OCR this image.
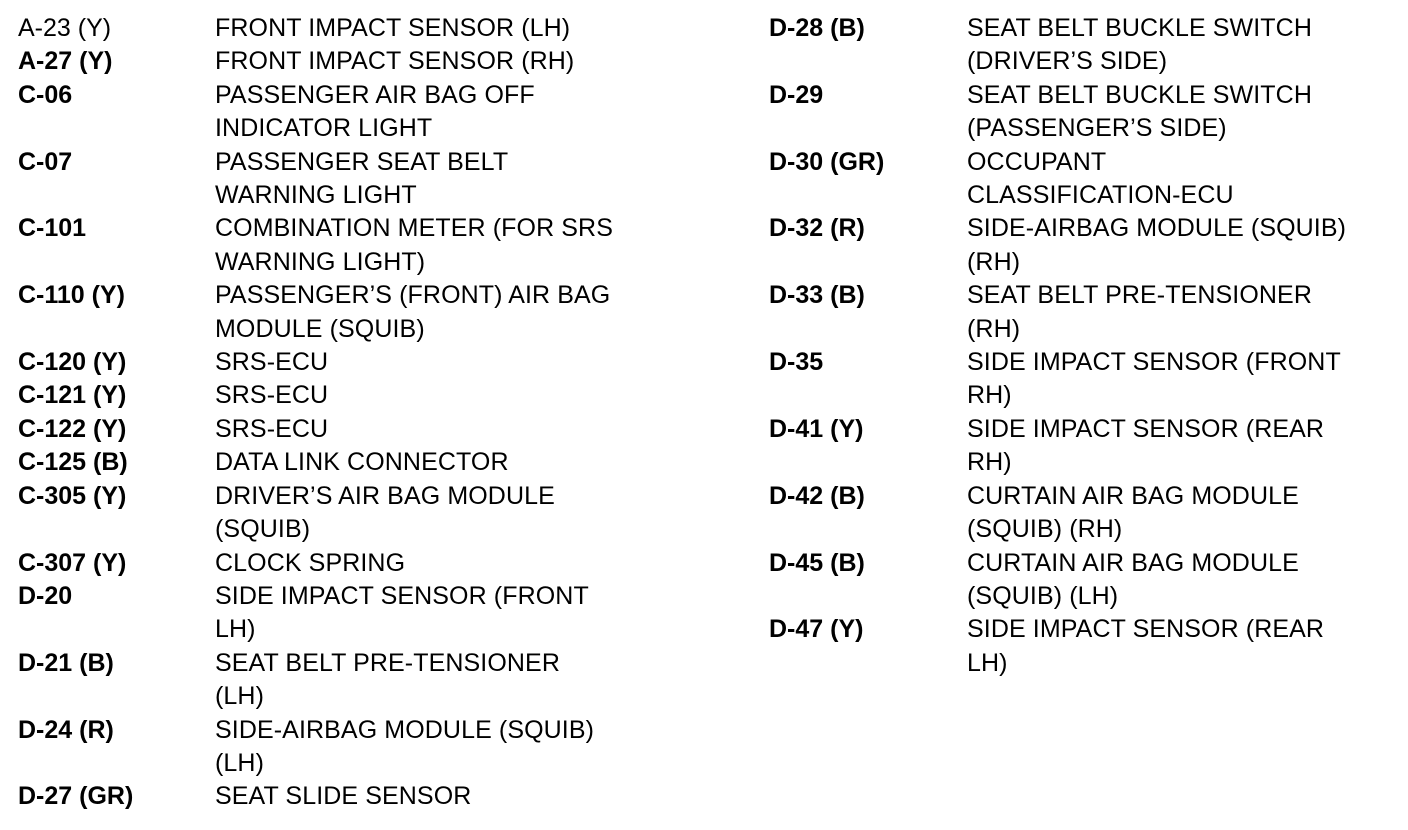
A-23 (Y)	FRONT IMPACT SENSOR (LH)
A-27 (Y)	FRONT IMPACT SENSOR (RH)
C-06	PASSENGER AIR BAG OFF
INDICATOR LIGHT
C-07	PASSENGER SEAT BELT
WARNING LIGHT
C-101	COMBINATION METER (FOR SRS
WARNING LIGHT)
C-110 (Y)	PASSENGER’S (FRONT) AIR BAG
MODULE (SQUIB)
C-120 (Y)	SRS-ECU
C-121 (Y)	SRS-ECU
C-122 (Y)	SRS-ECU
C-125 (B)	DATA LINK CONNECTOR
C-305 (Y)	DRIVER’S AIR BAG MODULE
(SQUIB)
C-307 (Y)	CLOCK SPRING
D-20	SIDE IMPACT SENSOR (FRONT
LH)
D-21 (B)	SEAT BELT PRE-TENSIONER
(LH)
D-24 (R)	SIDE-AIRBAG MODULE (SQUIB)
(LH)
D-27 (GR)	SEAT SLIDE SENSOR
D-28 (B)	SEAT BELT BUCKLE SWITCH
(DRIVER’S SIDE)
D-29	SEAT BELT BUCKLE SWITCH
(PASSENGER’S SIDE)
D-30 (GR)	OCCUPANT
CLASSIFICATION-ECU
D-32 (R)	SIDE-AIRBAG MODULE (SQUIB)
(RH)
D-33 (B)	SEAT BELT PRE-TENSIONER
(RH)
D-35	SIDE IMPACT SENSOR (FRONT
RH)
D-41 (Y)	SIDE IMPACT SENSOR (REAR
RH)
D-42 (B)	CURTAIN AIR BAG MODULE
(SQUIB) (RH)
D-45 (B)	CURTAIN AIR BAG MODULE
(SQUIB) (LH)
D-47 (Y)	SIDE IMPACT SENSOR (REAR
LH)
